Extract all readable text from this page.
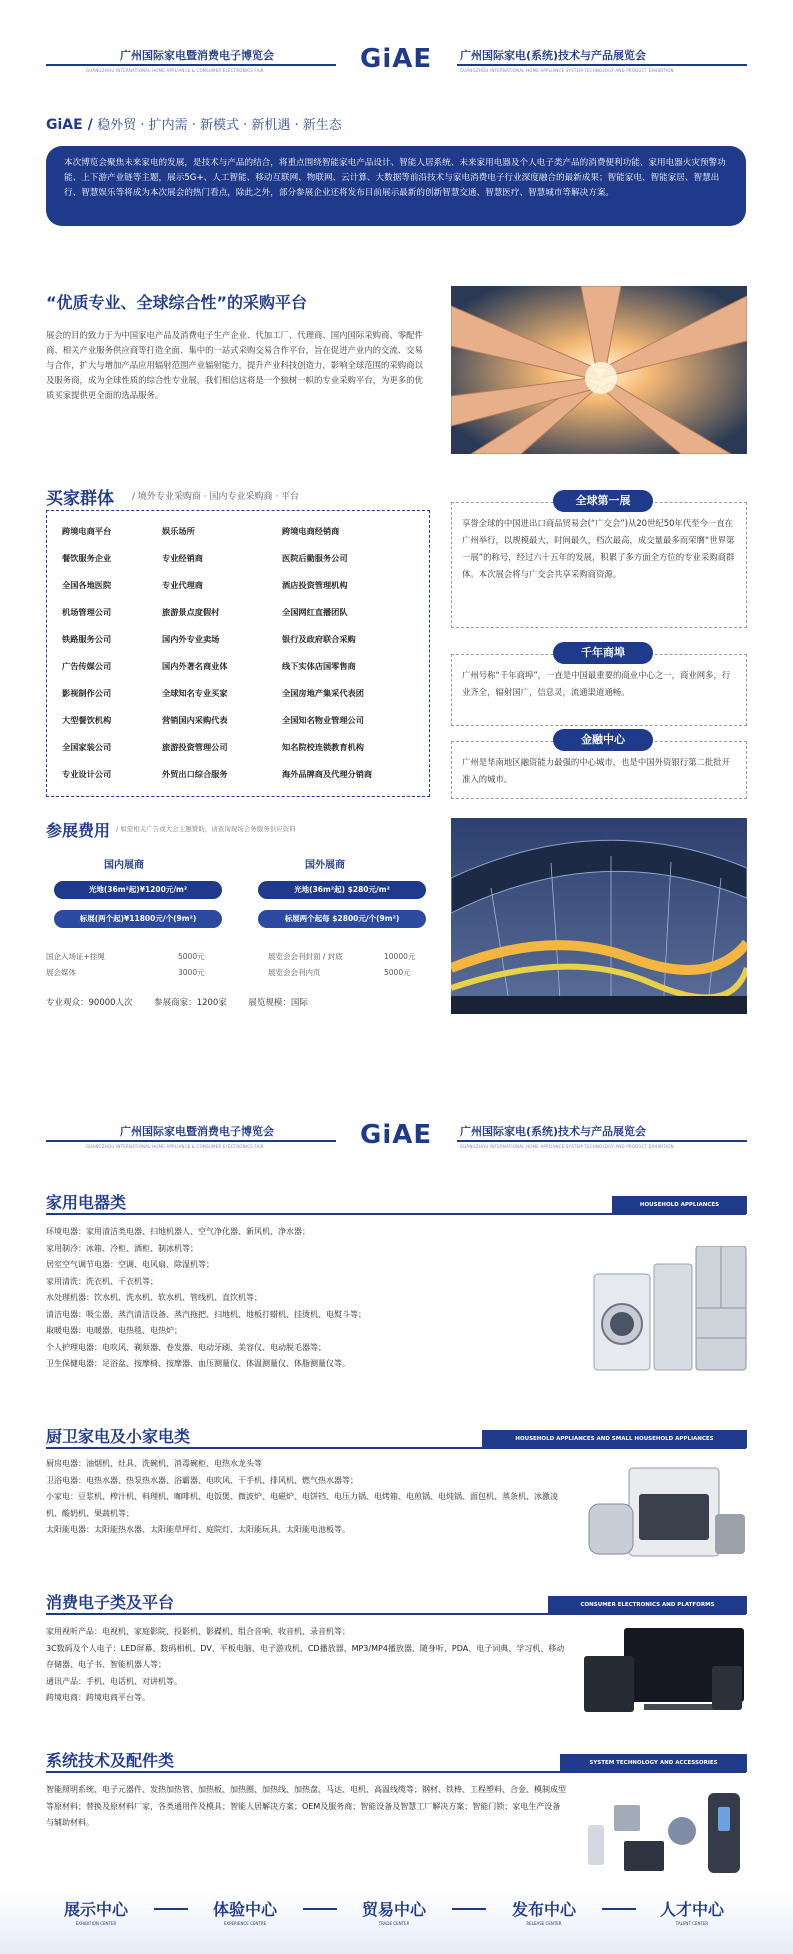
广州国际家电暨消费电子博览会
GUANGZHOU INTERNATIONAL HOME APPLIANCE & CONSUMER ELECTRONICS FAIR	GiAE	广州国际家电(系统)技术与产品展览会
GUANGZHOU INTERNATIONAL HOME APPLIANCE SYSTEM TECHNOLOGY AND PRODUCT EXHIBITION
GiAE / 稳外贸 · 扩内需 · 新模式 · 新机遇 · 新生态
本次博览会聚焦未来家电的发展，是技术与产品的结合，将重点围绕智能家电产品设计、智能人居系统、未来家用电器及个人电子类产品的消费便利功能、家用电器火灾预警功能、上下游产业链等主题，展示5G+、人工智能、移动互联网、物联网、云计算、大数据等前沿技术与家电消费电子行业深度融合的最新成果；智能家电、智能家居、智慧出行、智慧娱乐等将成为本次展会的热门看点，除此之外，部分参展企业还将发布目前展示最新的创新智慧交通、智慧医疗、智慧城市等解决方案。
“优质专业、全球综合性”的采购平台
展会的目的致力于为中国家电产品及消费电子生产企业、代加工厂、代理商、国内国际采购商、零配件商、相关产业服务供应商等打造全面、集中的一站式采购交易合作平台，旨在促进产业内的交流、交易与合作，扩大与增加产品应用辐射范围产业辐射能力，提升产业科技创造力，影响全球范围的采购商以及服务商，成为全球性质的综合性专业展，我们相信这将是一个独树一帜的专业采购平台，为更多的优质买家提供更全面的选品服务。
买家群体 / 境外专业采购商 · 国内专业采购商 · 平台
跨境电商平台	娱乐场所	跨境电商经销商
餐饮服务企业	专业经销商	医院后勤服务公司
全国各地医院	专业代理商	酒店投资管理机构
机场管理公司	旅游景点度假村	全国网红直播团队
铁路服务公司	国内外专业卖场	银行及政府联合采购
广告传媒公司	国内外著名商业体	线下实体店国零售商
影视制作公司	全球知名专业买家	全国房地产集采代表团
大型餐饮机构	营销国内采购代表	全国知名物业管理公司
全国家装公司	旅游投资管理公司	知名院校连锁教育机构
专业设计公司	外贸出口综合服务	海外品牌商及代理分销商
享誉全球的中国进出口商品贸易会(“广交会”)从20世纪50年代至今一直在广州举行，以规模最大，时间最久，档次最高，成交量最多而荣膺“世界第一展”的称号，经过六十五年的发展，积累了多方面全方位的专业采购商群体。本次展会将与广交会共享采购商资源。
全球第一展
广州号称“千年商埠”，一直是中国最重要的商业中心之一，商业网多，行业齐全，辐射国广，信息灵，流通渠道通畅。
千年商埠
广州是华南地区融资能力最强的中心城市，也是中国外资银行第二批批开准入的城市。
金融中心
参展费用 / 如需相关广告或大会主题赞助，请查询现场会务服务供应资料
国内展商	国外展商
光地(36m²起)¥1200元/m²
标展(两个起)¥11800元/个(9m²)
光地(36m²起) $280元/m²
标展两个起每 $2800元/个(9m²)
国企入场证+挂绳	5000元
展会媒体	3000元
展览会会刊封面 / 封底	10000元
展览会会刊内页	5000元
专业观众：90000人次        参展商家：1200家        展览规模：国际
广州国际家电暨消费电子博览会
GUANGZHOU INTERNATIONAL HOME APPLIANCE & CONSUMER ELECTRONICS FAIR	GiAE	广州国际家电(系统)技术与产品展览会
GUANGZHOU INTERNATIONAL HOME APPLIANCE SYSTEM TECHNOLOGY AND PRODUCT EXHIBITION
家用电器类	HOUSEHOLD APPLIANCES
环境电器：家用清洁类电器、扫地机器人、空气净化器、新风机、净水器；
家用制冷：冰箱、冷柜、酒柜、制冰机等；
居室空气调节电器：空调、电风扇、除湿机等；
家用清洗：洗衣机、干衣机等；
水处理机器：饮水机、洗水机、软水机、管线机、直饮机等；
清洁电器：吸尘器、蒸汽清洁设备、蒸汽拖把、扫地机、地板打蜡机、挂烫机、电熨斗等；
取暖电器：电暖器、电热毯、电热炉；
个人护理电器：电吹风、剃须器、卷发器、电动牙刷、美容仪、电动脱毛器等；
卫生保健电器：足浴盆、按摩椅、按摩器、血压测量仪、体温测量仪、体脂测量仪等。
厨卫家电及小家电类	HOUSEHOLD APPLIANCES AND SMALL HOUSEHOLD APPLIANCES
厨房电器：油烟机、灶具、洗碗机、消毒碗柜、电热水龙头等
卫浴电器：电热水器、热泵热水器、浴霸器、电吹风、干手机、排风机、燃气热水器等；
小家电：豆浆机、榨汁机、料理机、咖啡机、电饭煲、微波炉、电磁炉、电饼铛、电压力锅、电烤箱、电煎锅、电炖锅、面包机、蒸条机、冰激凌机、酸奶机、果蔬机等；
太阳能电器：太阳能热水器、太阳能草坪灯、庭院灯、太阳能玩具、太阳能电池板等。
消费电子类及平台	CONSUMER ELECTRONICS AND PLATFORMS
家用视听产品：电视机、家庭影院、投影机、影碟机、组合音响、收音机、录音机等；
3C数码及个人电子：LED屏幕、数码相机、DV、平板电脑、电子游戏机、CD播放器、MP3/MP4播放器、随身听、PDA、电子词典、学习机、移动存储器、电子书、智能机器人等；
通讯产品：手机、电话机、对讲机等。
跨境电商：跨境电商平台等。
系统技术及配件类	SYSTEM TECHNOLOGY AND ACCESSORIES
智能照明系统、电子元器件、发热加热管、加热板、加热圈、加热线、加热盘、马达、电机、高温线缆等；钢材、铁棒、工程塑料、合金、模制成型等原材料；替换及原材料厂家，各类通用件及模具；智能人居解决方案；OEM及服务商；智能设备及智慧工厂解决方案；智能门锁；家电生产设备与辅助材料。
展示中心
EXHIBITION CENTER
体验中心
EXPERIENCE CENTRE
贸易中心
TRADE CENTER
发布中心
RELEASE CENTER
人才中心
TALENT CENTER
